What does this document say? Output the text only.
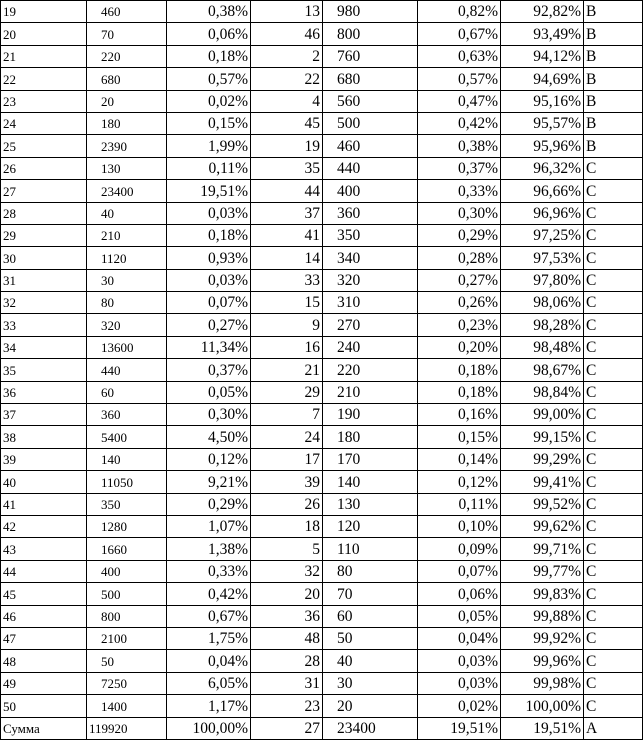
19	460	0,38%	13	980	0,82%	92,82%	B
20	70	0,06%	46	800	0,67%	93,49%	B
21	220	0,18%	2	760	0,63%	94,12%	B
22	680	0,57%	22	680	0,57%	94,69%	B
23	20	0,02%	4	560	0,47%	95,16%	B
24	180	0,15%	45	500	0,42%	95,57%	B
25	2390	1,99%	19	460	0,38%	95,96%	B
26	130	0,11%	35	440	0,37%	96,32%	C
27	23400	19,51%	44	400	0,33%	96,66%	C
28	40	0,03%	37	360	0,30%	96,96%	C
29	210	0,18%	41	350	0,29%	97,25%	C
30	1120	0,93%	14	340	0,28%	97,53%	C
31	30	0,03%	33	320	0,27%	97,80%	C
32	80	0,07%	15	310	0,26%	98,06%	C
33	320	0,27%	9	270	0,23%	98,28%	C
34	13600	11,34%	16	240	0,20%	98,48%	C
35	440	0,37%	21	220	0,18%	98,67%	C
36	60	0,05%	29	210	0,18%	98,84%	C
37	360	0,30%	7	190	0,16%	99,00%	C
38	5400	4,50%	24	180	0,15%	99,15%	C
39	140	0,12%	17	170	0,14%	99,29%	C
40	11050	9,21%	39	140	0,12%	99,41%	C
41	350	0,29%	26	130	0,11%	99,52%	C
42	1280	1,07%	18	120	0,10%	99,62%	C
43	1660	1,38%	5	110	0,09%	99,71%	C
44	400	0,33%	32	80	0,07%	99,77%	C
45	500	0,42%	20	70	0,06%	99,83%	C
46	800	0,67%	36	60	0,05%	99,88%	C
47	2100	1,75%	48	50	0,04%	99,92%	C
48	50	0,04%	28	40	0,03%	99,96%	C
49	7250	6,05%	31	30	0,03%	99,98%	C
50	1400	1,17%	23	20	0,02%	100,00%	C
Сумма	119920	100,00%	27	23400	19,51%	19,51%	A
